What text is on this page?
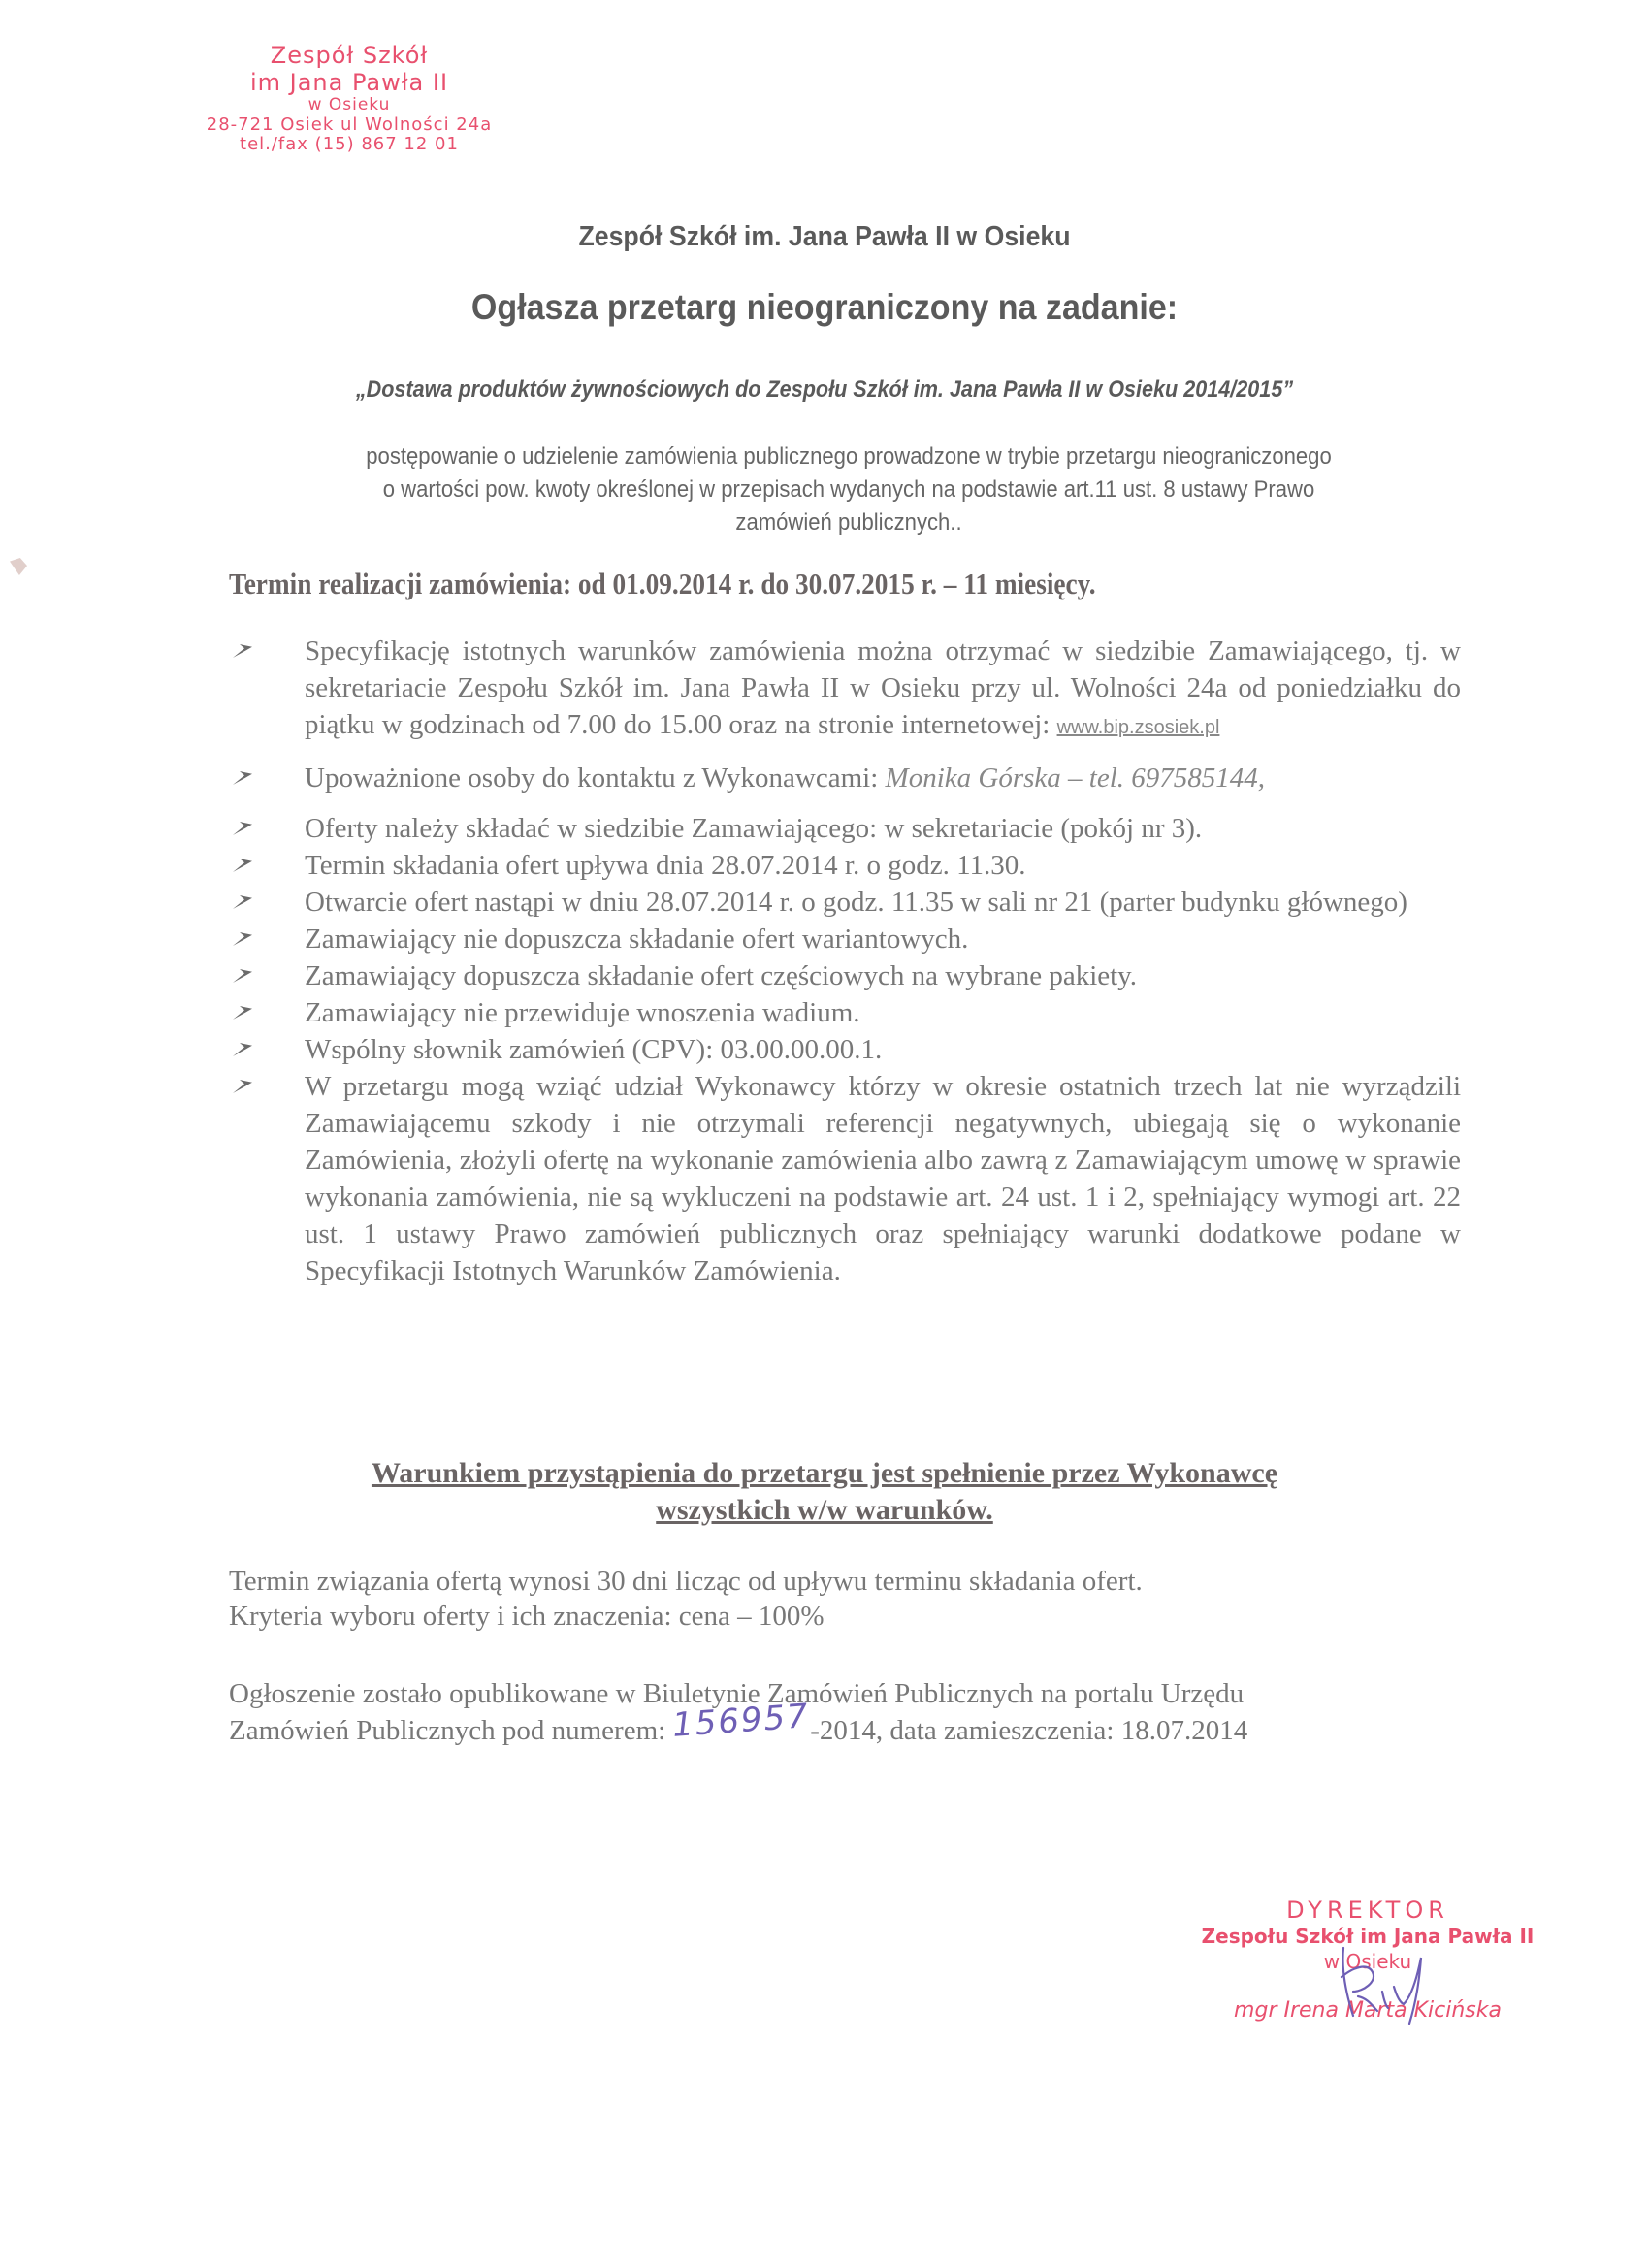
Zespół Szkół
im Jana Pawła II
w Osieku
28-721 Osiek ul Wolności 24a
tel./fax (15) 867 12 01
Zespół Szkół im. Jana Pawła II w Osieku
Ogłasza przetarg nieograniczony na zadanie:
„Dostawa produktów żywnościowych do Zespołu Szkół im. Jana Pawła II w Osieku 2014/2015”
postępowanie o udzielenie zamówienia publicznego prowadzone w trybie przetargu nieograniczonego
o wartości pow. kwoty określonej w przepisach wydanych na podstawie art.11 ust. 8 ustawy Prawo
zamówień publicznych..
Termin realizacji zamówienia: od 01.09.2014 r. do 30.07.2015 r. – 11 miesięcy.
Specyfikację istotnych warunków zamówienia można otrzymać w siedzibie Zamawiającego, tj. w sekretariacie Zespołu Szkół im. Jana Pawła II w Osieku przy ul. Wolności 24a od poniedziałku do piątku w godzinach od 7.00 do 15.00 oraz na stronie internetowej: www.bip.zsosiek.pl
Upoważnione osoby do kontaktu z Wykonawcami: Monika Górska – tel. 697585144,
Oferty należy składać w siedzibie Zamawiającego: w sekretariacie (pokój nr 3).
Termin składania ofert upływa dnia 28.07.2014 r. o godz. 11.30.
Otwarcie ofert nastąpi w dniu 28.07.2014 r. o godz. 11.35 w sali nr 21 (parter budynku głównego)
Zamawiający nie dopuszcza składanie ofert wariantowych.
Zamawiający dopuszcza składanie ofert częściowych na wybrane pakiety.
Zamawiający nie przewiduje wnoszenia wadium.
Wspólny słownik zamówień (CPV): 03.00.00.00.1.
W przetargu mogą wziąć udział Wykonawcy którzy w okresie ostatnich trzech lat nie wyrządzili Zamawiającemu szkody i nie otrzymali referencji negatywnych, ubiegają się o wykonanie Zamówienia, złożyli ofertę na wykonanie zamówienia albo zawrą z Zamawiającym umowę w sprawie wykonania zamówienia, nie są wykluczeni na podstawie art. 24 ust. 1 i 2, spełniający wymogi art. 22 ust. 1 ustawy Prawo zamówień publicznych oraz spełniający warunki dodatkowe podane w Specyfikacji Istotnych Warunków Zamówienia.
Warunkiem przystąpienia do przetargu jest spełnienie przez Wykonawcę
wszystkich w/w warunków.
Termin związania ofertą wynosi 30 dni licząc od upływu terminu składania ofert.
Kryteria wyboru oferty i ich znaczenia: cena – 100%
Ogłoszenie zostało opublikowane w Biuletynie Zamówień Publicznych na portalu Urzędu
Zamówień Publicznych pod numerem: 156957-2014, data zamieszczenia: 18.07.2014
DYREKTOR
Zespołu Szkół im Jana Pawła II
w Osieku
mgr Irena Marta Kicińska
